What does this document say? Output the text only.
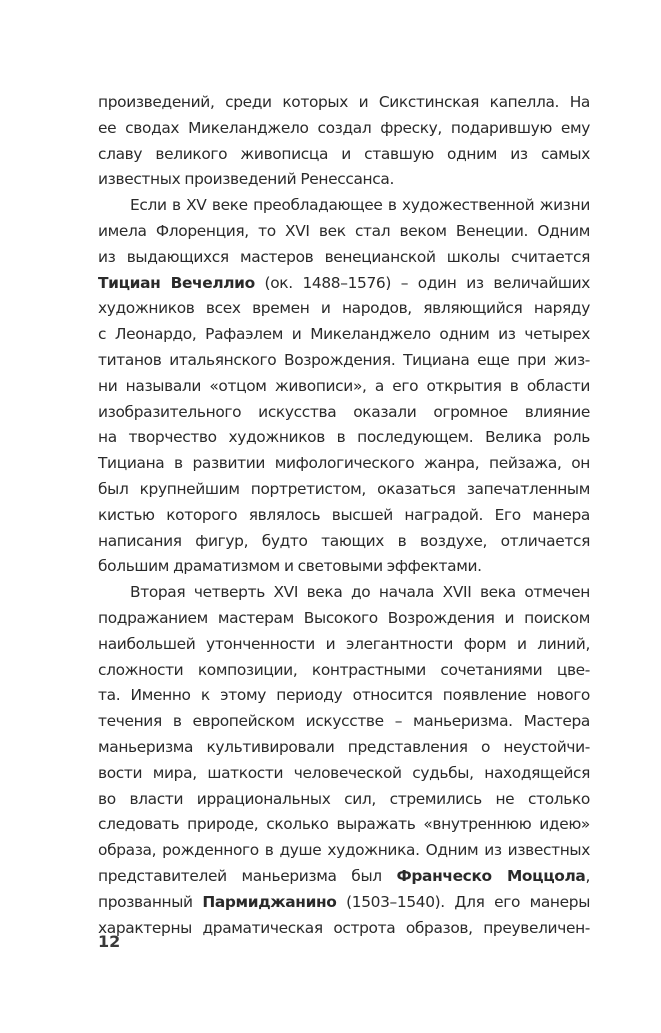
произведений, среди которых и Сикстинская капелла. На
ее сводах Микеланджело создал фреску, подарившую ему
славу великого живописца и ставшую одним из самых
известных произведений Ренессанса.
Если в XV веке преобладающее в художественной жизни
имела Флоренция, то XVI век стал веком Венеции. Одним
из выдающихся мастеров венецианской школы считается
Тициан Вечеллио (ок. 1488–1576) – один из величайших
художников всех времен и народов, являющийся наряду
с Леонардо, Рафаэлем и Микеланджело одним из четырех
титанов итальянского Возрождения. Тициана еще при жиз-
ни называли «отцом живописи», а его открытия в области
изобразительного искусства оказали огромное влияние
на творчество художников в последующем. Велика роль
Тициана в развитии мифологического жанра, пейзажа, он
был крупнейшим портретистом, оказаться запечатленным
кистью которого являлось высшей наградой. Его манера
написания фигур, будто тающих в воздухе, отличается
большим драматизмом и световыми эффектами.
Вторая четверть XVI века до начала XVII века отмечен
подражанием мастерам Высокого Возрождения и поиском
наибольшей утонченности и элегантности форм и линий,
сложности композиции, контрастными сочетаниями цве-
та. Именно к этому периоду относится появление нового
течения в европейском искусстве – маньеризма. Мастера
маньеризма культивировали представления о неустойчи-
вости мира, шаткости человеческой судьбы, находящейся
во власти иррациональных сил, стремились не столько
следовать природе, сколько выражать «внутреннюю идею»
образа, рожденного в душе художника. Одним из известных
представителей маньеризма был Франческо Моццола,
прозванный Пармиджанино (1503–1540). Для его манеры
характерны драматическая острота образов, преувеличен-
12
